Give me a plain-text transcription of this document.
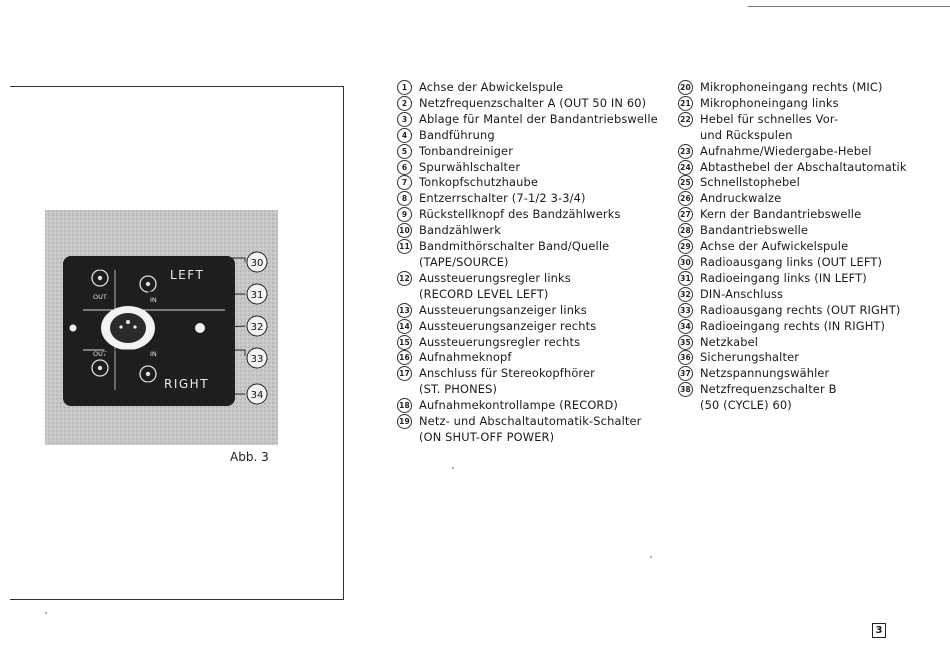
LEFT
RIGHT
OUT	IN
OUT	IN
30
31
32
33
34
Abb. 3
1	Achse der Abwickelspule
2	Netzfrequenzschalter A (OUT 50 IN 60)
3	Ablage für Mantel der Bandantriebswelle
4	Bandführung
5	Tonbandreiniger
6	Spurwählschalter
7	Tonkopfschutzhaube
8	Entzerrschalter (7-1/2 3-3/4)
9	Rückstellknopf des Bandzählwerks
10 Bandzählwerk
11 Bandmithörschalter Band/Quelle
(TAPE/SOURCE)
12 Aussteuerungsregler links
(RECORD LEVEL LEFT)
13 Aussteuerungsanzeiger links
14 Aussteuerungsanzeiger rechts
15 Aussteuerungsregler rechts
16 Aufnahmeknopf
17 Anschluss für Stereokopfhörer
(ST. PHONES)
18 Aufnahmekontrollampe (RECORD)
19 Netz- und Abschaltautomatik-Schalter
(ON SHUT-OFF POWER)
20 Mikrophoneingang rechts (MIC)
21 Mikrophoneingang links
22 Hebel für schnelles Vor-
und Rückspulen
23 Aufnahme/Wiedergabe-Hebel
24 Abtasthebel der Abschaltautomatik
25 Schnellstophebel
26 Andruckwalze
27 Kern der Bandantriebswelle
28 Bandantriebswelle
29 Achse der Aufwickelspule
30 Radioausgang links (OUT LEFT)
31 Radioeingang links (IN LEFT)
32 DIN-Anschluss
33 Radioausgang rechts (OUT RIGHT)
34 Radioeingang rechts (IN RIGHT)
35 Netzkabel
36 Sicherungshalter
37 Netzspannungswähler
38 Netzfrequenzschalter B
(50 (CYCLE) 60)
3
